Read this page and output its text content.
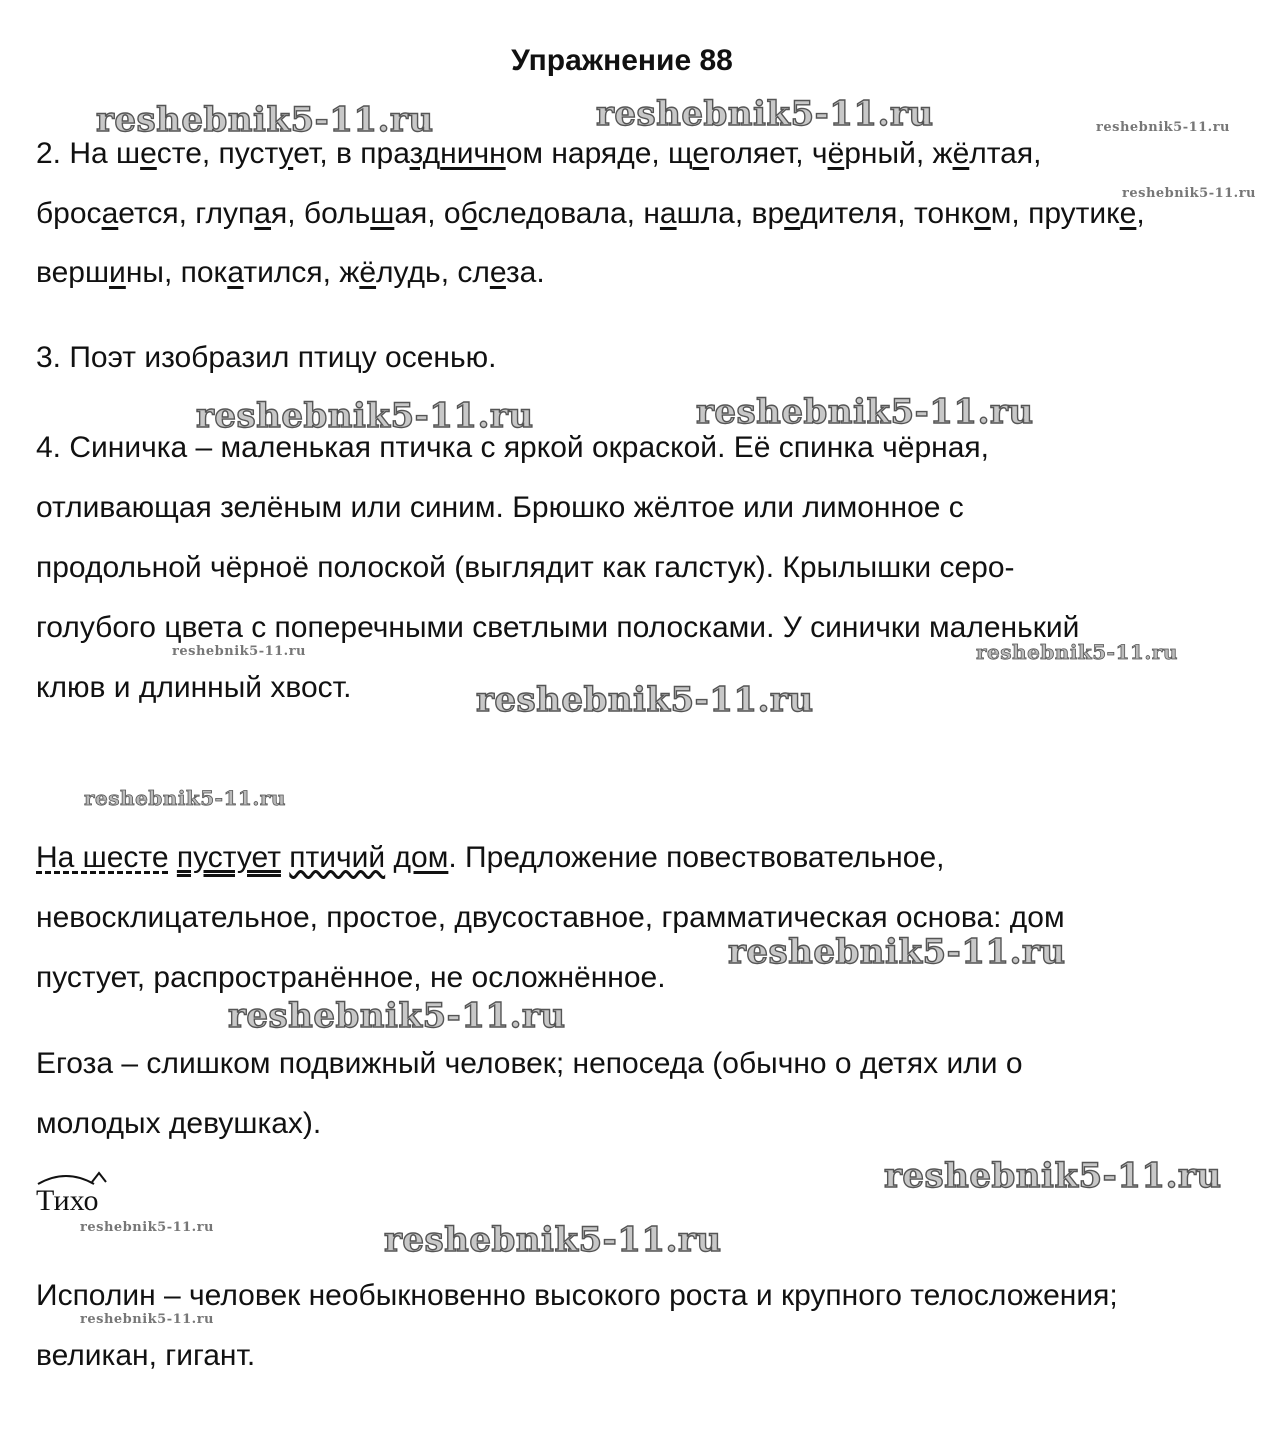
Упражнение 88
2. На шесте, пустует, в праздничном наряде, щеголяет, чёрный, жёлтая,
бросается, глупая, большая, обследовала, нашла, вредителя, тонком, прутике,
вершины, покатился, жёлудь, слеза.
3. Поэт изобразил птицу осенью.
4. Синичка – маленькая птичка с яркой окраской. Её спинка чёрная,
отливающая зелёным или синим. Брюшко жёлтое или лимонное с
продольной чёрноё полоской (выглядит как галстук). Крылышки серо-
голубого цвета с поперечными светлыми полосками. У синички маленький
клюв и длинный хвост.
На шесте пустует птичий дом. Предложение повествовательное,
невосклицательное, простое, двусоставное, грамматическая основа: дом
пустует, распространённое, не осложнённое.
Егоза – слишком подвижный человек; непоседа (обычно о детях или о
молодых девушках).
Тихо
Исполин – человек необыкновенно высокого роста и крупного телосложения;
великан, гигант.
reshebnik5-11.ru	reshebnik5-11.ru	reshebnik5-11.ru
reshebnik5-11.ru
reshebnik5-11.ru	reshebnik5-11.ru
reshebnik5-11.ru	reshebnik5-11.ru
reshebnik5-11.ru
reshebnik5-11.ru
reshebnik5-11.ru
reshebnik5-11.ru
reshebnik5-11.ru
reshebnik5-11.ru	reshebnik5-11.ru
reshebnik5-11.ru
